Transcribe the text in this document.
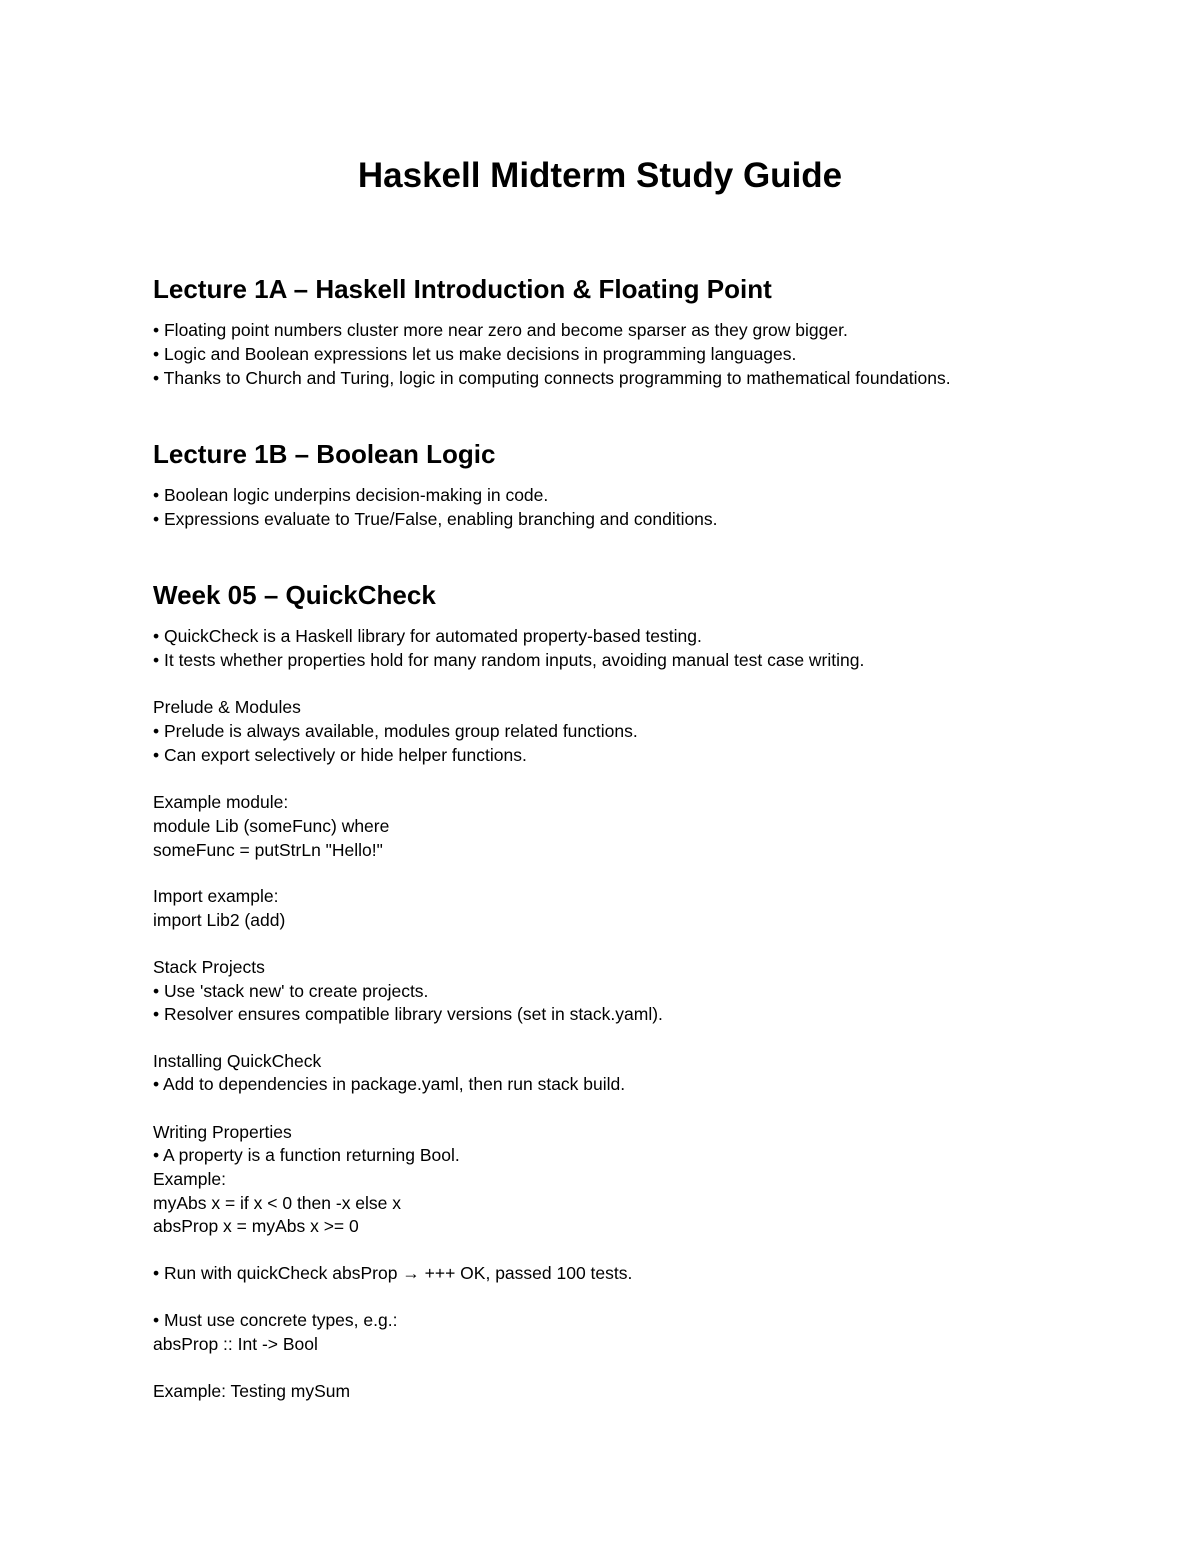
Haskell Midterm Study Guide
Lecture 1A – Haskell Introduction & Floating Point

• Floating point numbers cluster more near zero and become sparser as they grow bigger.

• Logic and Boolean expressions let us make decisions in programming languages.

• Thanks to Church and Turing, logic in computing connects programming to mathematical foundations.

Lecture 1B – Boolean Logic

• Boolean logic underpins decision-making in code.

• Expressions evaluate to True/False, enabling branching and conditions.

Week 05 – QuickCheck

• QuickCheck is a Haskell library for automated property-based testing.

• It tests whether properties hold for many random inputs, avoiding manual test case writing.

Prelude & Modules

• Prelude is always available, modules group related functions.

• Can export selectively or hide helper functions.

Example module:

module Lib (someFunc) where

someFunc = putStrLn "Hello!"

Import example:

import Lib2 (add)

Stack Projects

• Use 'stack new' to create projects.

• Resolver ensures compatible library versions (set in stack.yaml).

Installing QuickCheck

• Add to dependencies in package.yaml, then run stack build.

Writing Properties

• A property is a function returning Bool.

Example:

myAbs x = if x < 0 then -x else x

absProp x = myAbs x >= 0

• Run with quickCheck absProp → +++ OK, passed 100 tests.

• Must use concrete types, e.g.:

absProp :: Int -> Bool

Example: Testing mySum
